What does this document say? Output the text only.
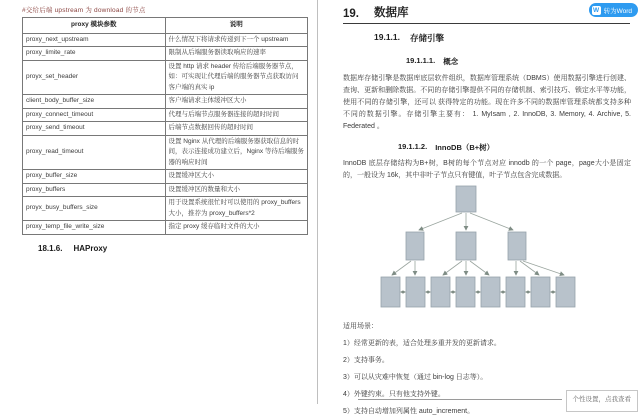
#交给后端 upstream 为 download 的节点
proxy 模块参数	说明
proxy_next_upstream	什么情况下将请求传递到下一个 upstream
proxy_limite_rate	限制从后端服务器读取响应的速率
proyx_set_header	设置 http 请求 header 传给后端服务器节点，如：可实现让代理后端的服务器节点获取访问客户端的真实 ip
client_body_buffer_size	客户端请求主体缓冲区大小
proxy_connect_timeout	代理与后端节点服务器连接的超时时间
proxy_send_timeout	后端节点数据回传的超时时间
proxy_read_timeout	设置 Nginx 从代理的后端服务器获取信息的时间，表示连接成功建立后，Nginx 等待后端服务器的响应时间
proxy_buffer_size	设置缓冲区大小
proxy_buffers	设置缓冲区的数量和大小
proyx_busy_buffers_size	用于设置系统很忙时可以使用的 proxy_buffers 大小，推荐为 proxy_buffers*2
proxy_temp_file_write_size	指定 proxy 缓存临时文件的大小
18.1.6. HAProxy
W 转为Word
19. 数据库
19.1.1. 存储引擎
19.1.1.1. 概念
数据库存储引擎是数据库底层软件组织，数据库管理系统（DBMS）使用数据引擎进行创建、查询、更新和删除数据。不同的存储引擎提供不同的存储机制、索引技巧、锁定水平等功能，使用不同的存储引擎，还可以 获得特定的功能。现在许多不同的数据库管理系统都支持多种不同的数据引擎。存储引擎主要有： 1. MyIsam , 2. InnoDB, 3. Memory, 4. Archive, 5. Federated 。
19.1.1.2. InnoDB（B+树）
InnoDB 底层存储结构为B+树，B树的每个节点对应 innodb 的一个 page，page大小是固定的，一般设为 16k，其中非叶子节点只有键值，叶子节点包含完成数据。
适用场景：
1）经常更新的表，适合处理多重并发的更新请求。
2）支持事务。
3）可以从灾难中恢复（通过 bin-log 日志等）。
4）外键约束。只有他支持外键。
5）支持自动增加列属性 auto_increment。
个性设置，点我查看
